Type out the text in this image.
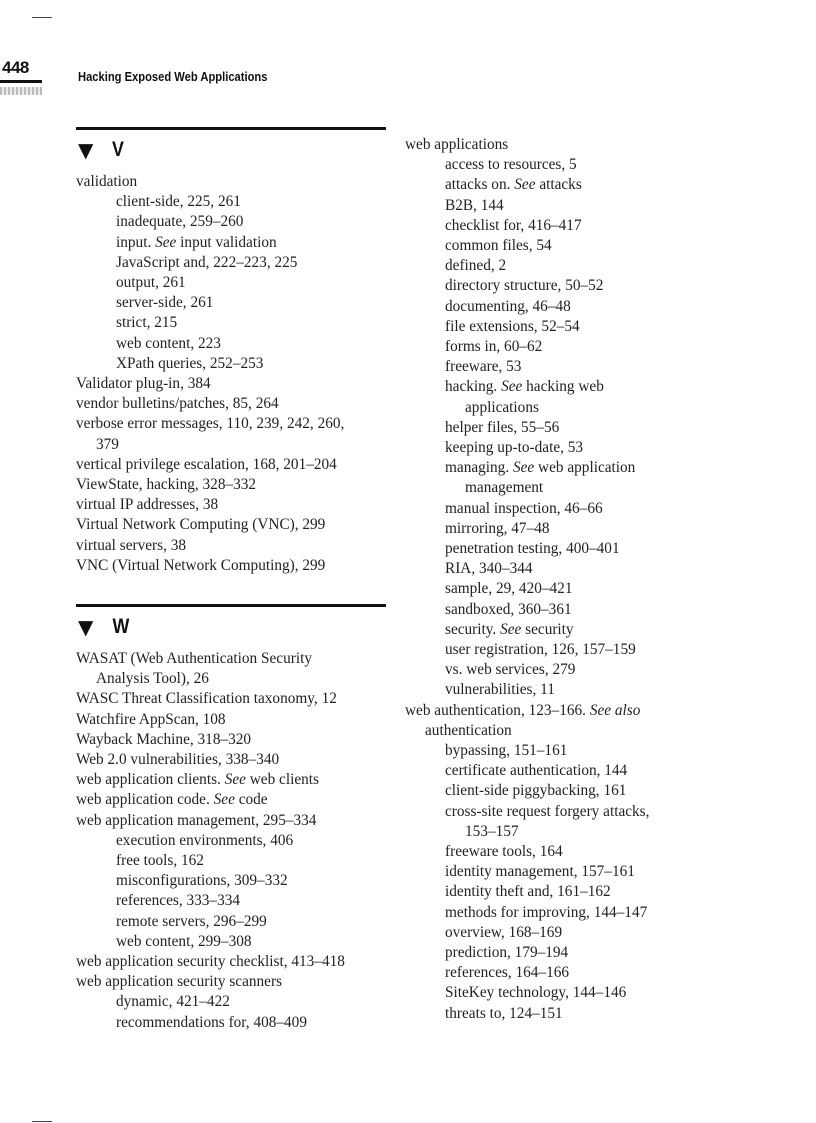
448	Hacking Exposed Web Applications
▼ V
validation
client-side, 225, 261
inadequate, 259–260
input. See input validation
JavaScript and, 222–223, 225
output, 261
server-side, 261
strict, 215
web content, 223
XPath queries, 252–253
Validator plug-in, 384
vendor bulletins/patches, 85, 264
verbose error messages, 110, 239, 242, 260,
379
vertical privilege escalation, 168, 201–204
ViewState, hacking, 328–332
virtual IP addresses, 38
Virtual Network Computing (VNC), 299
virtual servers, 38
VNC (Virtual Network Computing), 299
▼ W
WASAT (Web Authentication Security
Analysis Tool), 26
WASC Threat Classification taxonomy, 12
Watchfire AppScan, 108
Wayback Machine, 318–320
Web 2.0 vulnerabilities, 338–340
web application clients. See web clients
web application code. See code
web application management, 295–334
execution environments, 406
free tools, 162
misconfigurations, 309–332
references, 333–334
remote servers, 296–299
web content, 299–308
web application security checklist, 413–418
web application security scanners
dynamic, 421–422
recommendations for, 408–409
web applications
access to resources, 5
attacks on. See attacks
B2B, 144
checklist for, 416–417
common files, 54
defined, 2
directory structure, 50–52
documenting, 46–48
file extensions, 52–54
forms in, 60–62
freeware, 53
hacking. See hacking web
applications
helper files, 55–56
keeping up-to-date, 53
managing. See web application
management
manual inspection, 46–66
mirroring, 47–48
penetration testing, 400–401
RIA, 340–344
sample, 29, 420–421
sandboxed, 360–361
security. See security
user registration, 126, 157–159
vs. web services, 279
vulnerabilities, 11
web authentication, 123–166. See also
authentication
bypassing, 151–161
certificate authentication, 144
client-side piggybacking, 161
cross-site request forgery attacks,
153–157
freeware tools, 164
identity management, 157–161
identity theft and, 161–162
methods for improving, 144–147
overview, 168–169
prediction, 179–194
references, 164–166
SiteKey technology, 144–146
threats to, 124–151
